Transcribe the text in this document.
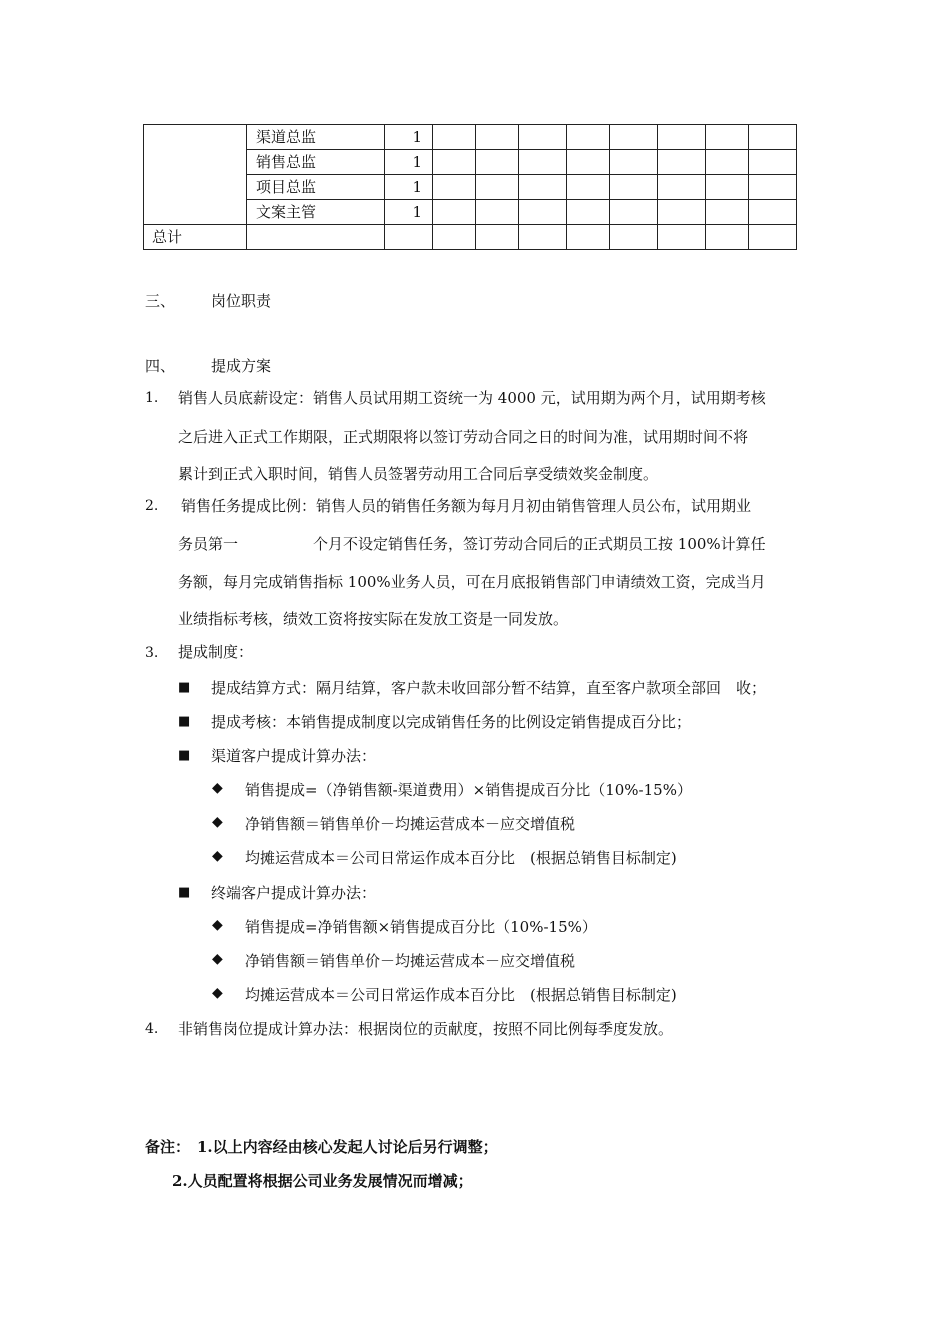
	渠道总监	1								
	销售总监	1								
	项目总监	1								
	文案主管	1								
总计										
三、 岗位职责
四、 提成方案
1. 销售人员底薪设定：销售人员试用期工资统一为 4000 元，试用期为两个月，试用期考核
之后进入正式工作期限，正式期限将以签订劳动合同之日的时间为准，试用期时间不将
累计到正式入职时间，销售人员签署劳动用工合同后享受绩效奖金制度。
2. 销售任务提成比例：销售人员的销售任务额为每月月初由销售管理人员公布，试用期业
务员第一	个月不设定销售任务，签订劳动合同后的正式期员工按 100%计算任
务额，每月完成销售指标 100%业务人员，可在月底报销售部门申请绩效工资，完成当月
业绩指标考核，绩效工资将按实际在发放工资是一同发放。
3. 提成制度：
■ 提成结算方式：隔月结算，客户款未收回部分暂不结算，直至客户款项全部回　收；
■ 提成考核：本销售提成制度以完成销售任务的比例设定销售提成百分比；
■ 渠道客户提成计算办法：
◆ 销售提成=（净销售额-渠道费用）×销售提成百分比（10%-15%）
◆ 净销售额＝销售单价－均摊运营成本－应交增值税
◆ 均摊运营成本＝公司日常运作成本百分比　(根据总销售目标制定)
■ 终端客户提成计算办法：
◆ 销售提成=净销售额×销售提成百分比（10%-15%）
◆ 净销售额＝销售单价－均摊运营成本－应交增值税
◆ 均摊运营成本＝公司日常运作成本百分比　(根据总销售目标制定)
4. 非销售岗位提成计算办法：根据岗位的贡献度，按照不同比例每季度发放。
备注： 1.以上内容经由核心发起人讨论后另行调整；
2.人员配置将根据公司业务发展情况而增减；
